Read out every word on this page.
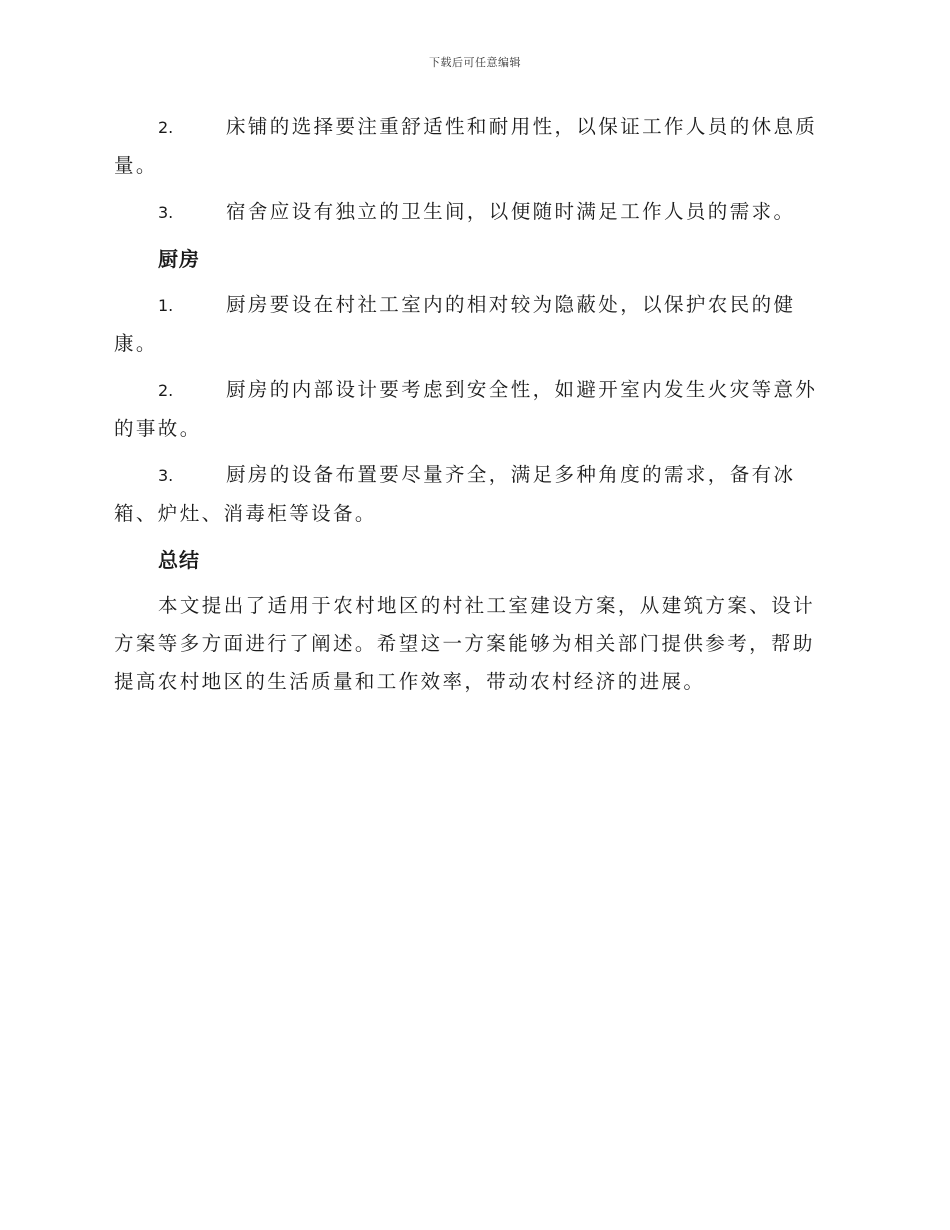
下载后可任意编辑

2.	床铺的选择要注重舒适性和耐用性，以保证工作人员的休息质量。

3.	宿舍应设有独立的卫生间，以便随时满足工作人员的需求。

厨房

1.	厨房要设在村社工室内的相对较为隐蔽处，以保护农民的健康。

2.	厨房的内部设计要考虑到安全性，如避开室内发生火灾等意外的事故。

3.	厨房的设备布置要尽量齐全，满足多种角度的需求，备有冰箱、炉灶、消毒柜等设备。

总结

本文提出了适用于农村地区的村社工室建设方案，从建筑方案、设计方案等多方面进行了阐述。希望这一方案能够为相关部门提供参考，帮助提高农村地区的生活质量和工作效率，带动农村经济的进展。
